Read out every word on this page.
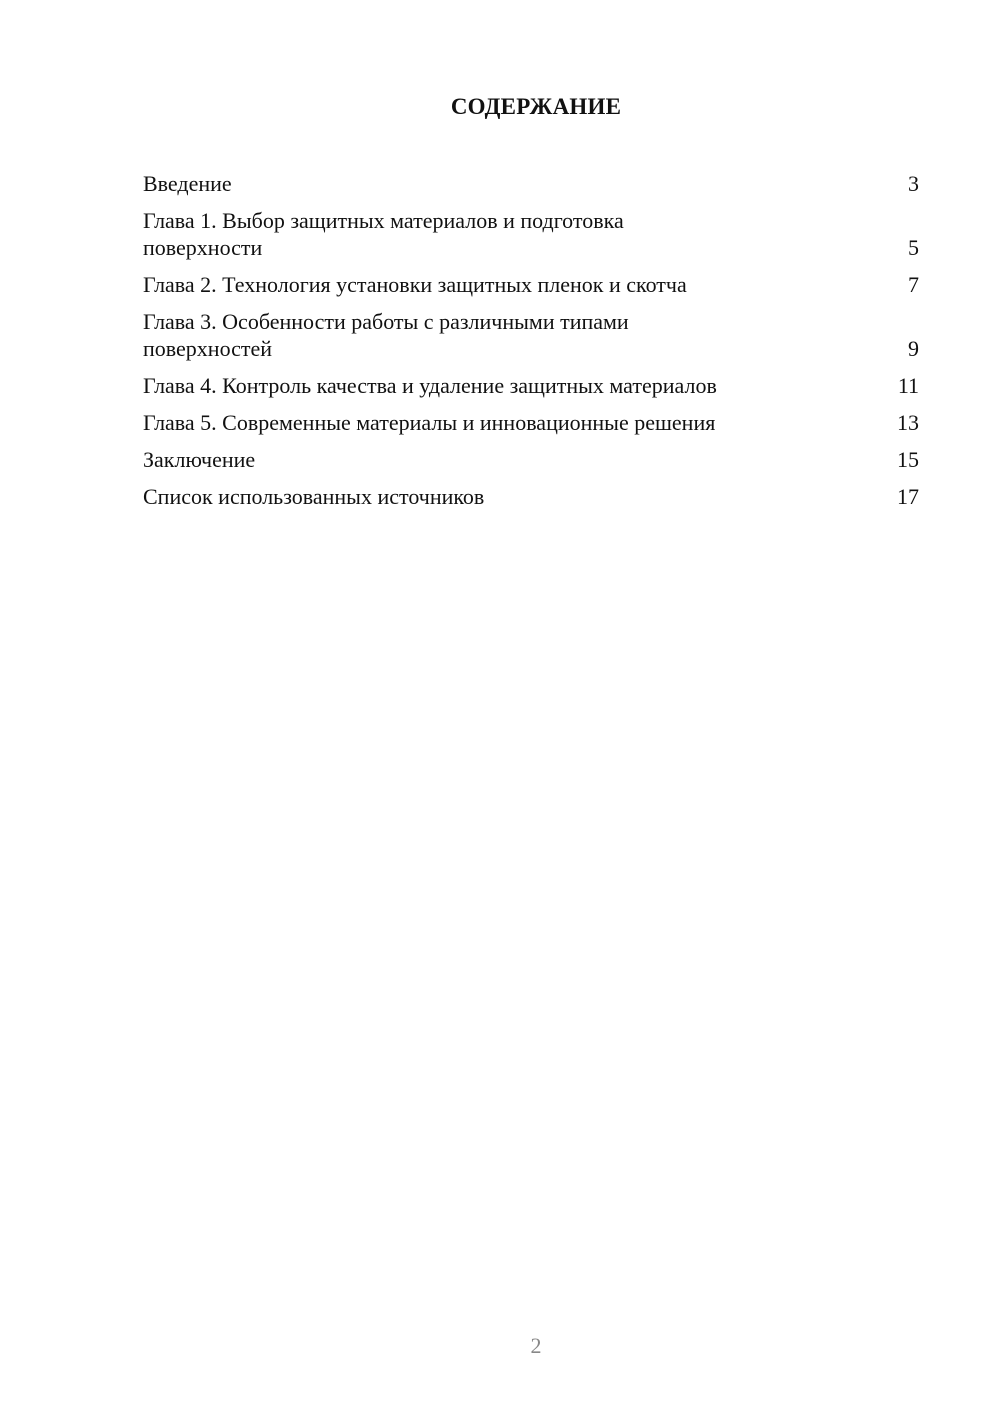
СОДЕРЖАНИЕ
Введение	3
Глава 1. Выбор защитных материалов и подготовка поверхности	5
Глава 2. Технология установки защитных пленок и скотча	7
Глава 3. Особенности работы с различными типами поверхностей	9
Глава 4. Контроль качества и удаление защитных материалов	11
Глава 5. Современные материалы и инновационные решения	13
Заключение	15
Список использованных источников	17
2
